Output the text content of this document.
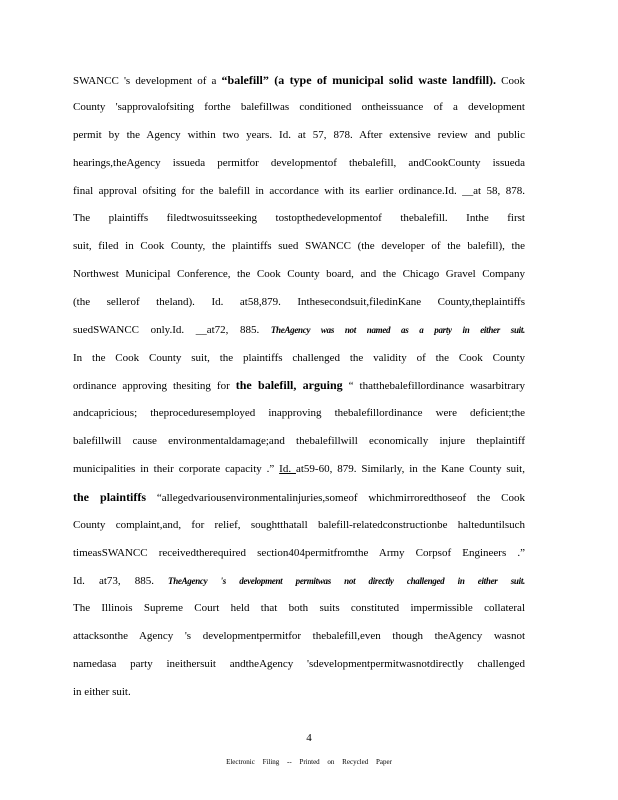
SWANCC 's development of a “balefill” (a type of municipal solid waste landfill). Cook
County 'sapprovalofsiting forthe balefillwas conditioned ontheissuance of a development
permit by the Agency within two years. Id. at 57, 878. After extensive review and public
hearings,theAgency issueda permitfor developmentof thebalefill, andCookCounty issueda
final approval ofsiting for the balefill in accordance with its earlier ordinance.Id. __at 58, 878.
The plaintiffs filedtwosuitsseeking tostopthedevelopmentof thebalefill. Inthe first
suit, filed in Cook County, the plaintiffs sued SWANCC (the developer of the balefill), the
Northwest Municipal Conference, the Cook County board, and the Chicago Gravel Company
(the sellerof theland). Id. at58,879. Inthesecondsuit,filedinKane County,theplaintiffs
suedSWANCC only.Id. __at72, 885. TheAgency was not named as a party in either suit.
In the Cook County suit, the plaintiffs challenged the validity of the Cook County
ordinance approving thesiting for the balefill, arguing “ thatthebalefillordinance wasarbitrary
andcapricious; theproceduresemployed inapproving thebalefillordinance were deficient;the
balefillwill cause environmentaldamage;and thebalefillwill economically injure theplaintiff
municipalities in their corporate capacity .” Id. at59-60, 879. Similarly, in the Kane County suit,
the plaintiffs “allegedvariousenvironmentalinjuries,someof whichmirroredthoseof the Cook
County complaint,and, for relief, soughtthatall balefill-relatedconstructionbe halteduntilsuch
timeasSWANCC receivedtherequired section404permitfromthe Army Corpsof Engineers .”
Id. at73, 885. TheAgency 's development permitwas not directly challenged in either suit.
The Illinois Supreme Court held that both suits constituted impermissible collateral
attacksonthe Agency 's developmentpermitfor thebalefill,even though theAgency wasnot
namedasa party ineithersuit andtheAgency 'sdevelopmentpermitwasnotdirectly challenged
in either suit.
4
Electronic Filing -- Printed on Recycled Paper
